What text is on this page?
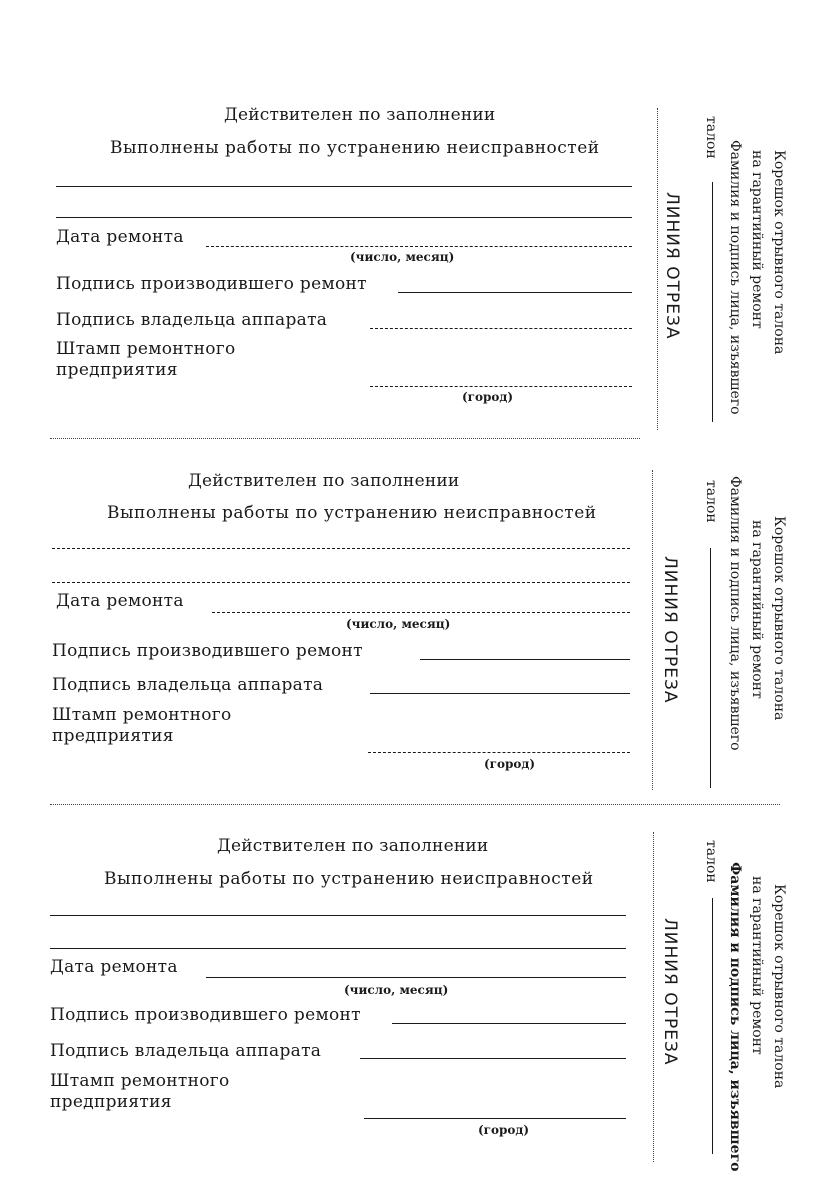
Действителен по заполнении
Выполнены работы по устранению неисправностей
Дата ремонта
(число, месяц)
Подпись производившего ремонт
Подпись владельца аппарата
Штамп ремонтного
предприятия
(город)
ЛИНИЯ ОТРЕЗА	Корешок отрывного талона
на гарантийный ремонт
Фамилия и подпись лица, изъявшего
талон
Действителен по заполнении
Выполнены работы по устранению неисправностей
Дата ремонта
(число, месяц)
Подпись производившего ремонт
Подпись владельца аппарата
Штамп ремонтного
предприятия
(город)
ЛИНИЯ ОТРЕЗА	Корешок отрывного талона
на гарантийный ремонт
Фамилия и подпись лица, изъявшего
талон
Действителен по заполнении
Выполнены работы по устранению неисправностей
Дата ремонта
(число, месяц)
Подпись производившего ремонт
Подпись владельца аппарата
Штамп ремонтного
предприятия
(город)
ЛИНИЯ ОТРЕЗА	Корешок отрывного талона
на гарантийный ремонт
Фамилия и подпись лица, изъявшего
талон
